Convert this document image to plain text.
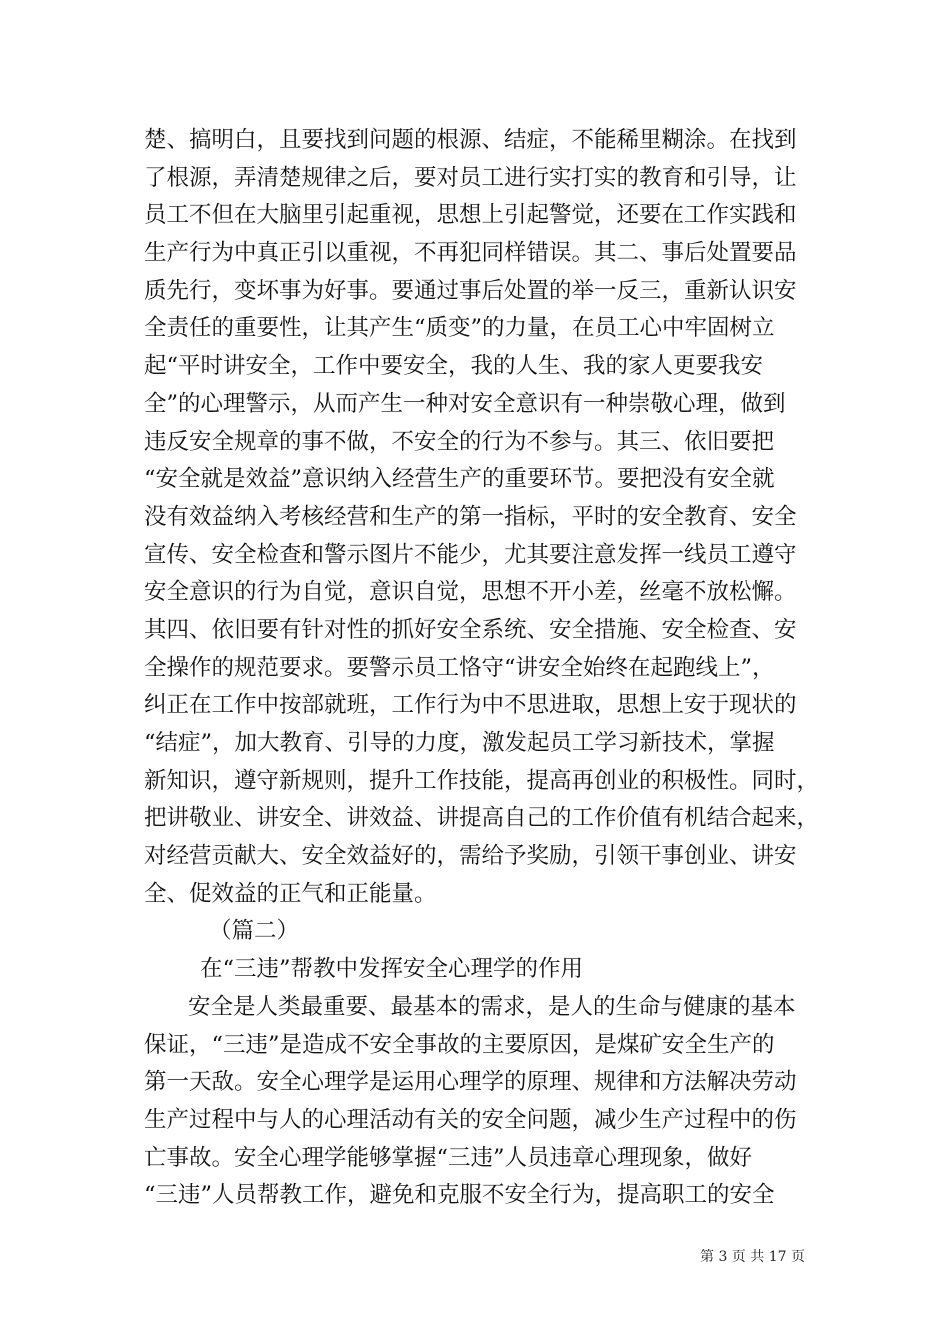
楚、搞明白，且要找到问题的根源、结症，不能稀里糊涂。在找到
了根源，弄清楚规律之后，要对员工进行实打实的教育和引导，让
员工不但在大脑里引起重视，思想上引起警觉，还要在工作实践和
生产行为中真正引以重视，不再犯同样错误。其二、事后处置要品
质先行，变坏事为好事。要通过事后处置的举一反三，重新认识安
全责任的重要性，让其产生“质变”的力量，在员工心中牢固树立
起“平时讲安全，工作中要安全，我的人生、我的家人更要我安
全”的心理警示，从而产生一种对安全意识有一种崇敬心理，做到
违反安全规章的事不做，不安全的行为不参与。其三、依旧要把
“安全就是效益”意识纳入经营生产的重要环节。要把没有安全就
没有效益纳入考核经营和生产的第一指标，平时的安全教育、安全
宣传、安全检查和警示图片不能少，尤其要注意发挥一线员工遵守
安全意识的行为自觉，意识自觉，思想不开小差，丝毫不放松懈。
其四、依旧要有针对性的抓好安全系统、安全措施、安全检查、安
全操作的规范要求。要警示员工恪守“讲安全始终在起跑线上”，
纠正在工作中按部就班，工作行为中不思进取，思想上安于现状的
“结症”，加大教育、引导的力度，激发起员工学习新技术，掌握
新知识，遵守新规则，提升工作技能，提高再创业的积极性。同时，
把讲敬业、讲安全、讲效益、讲提高自己的工作价值有机结合起来，
对经营贡献大、安全效益好的，需给予奖励，引领干事创业、讲安
全、促效益的正气和正能量。
（篇二）
在“三违”帮教中发挥安全心理学的作用
安全是人类最重要、最基本的需求，是人的生命与健康的基本
保证，“三违”是造成不安全事故的主要原因，是煤矿安全生产的
第一天敌。安全心理学是运用心理学的原理、规律和方法解决劳动
生产过程中与人的心理活动有关的安全问题，减少生产过程中的伤
亡事故。安全心理学能够掌握“三违”人员违章心理现象，做好
“三违”人员帮教工作，避免和克服不安全行为，提高职工的安全
第 3 页 共 17 页
